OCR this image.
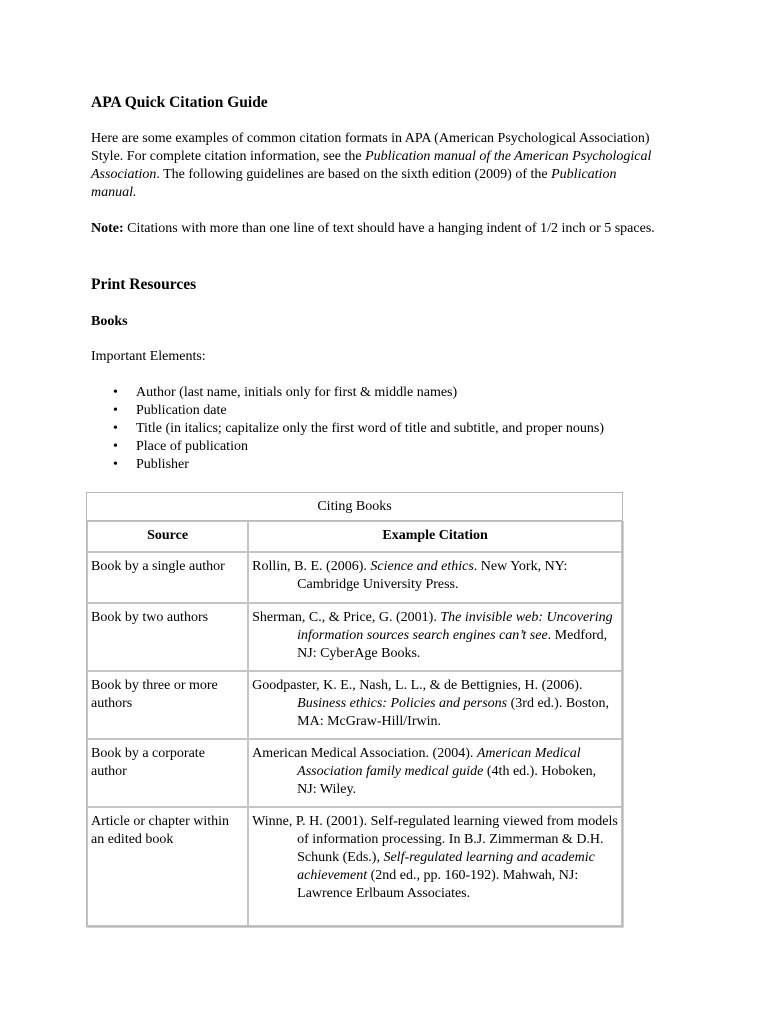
APA Quick Citation Guide

Here are some examples of common citation formats in APA (American Psychological Association) Style. For complete citation information, see the Publication manual of the American Psychological Association. The following guidelines are based on the sixth edition (2009) of the Publication manual.

Note: Citations with more than one line of text should have a hanging indent of 1/2 inch or 5 spaces.

Print Resources
Books

Important Elements:

• Author (last name, initials only for first & middle names)
• Publication date
• Title (in italics; capitalize only the first word of title and subtitle, and proper nouns)
• Place of publication
• Publisher
Citing Books
Source	Example Citation
Book by a single author	Rollin, B. E. (2006). Science and ethics. New York, NY: Cambridge University Press.

Book by two authors	Sherman, C., & Price, G. (2001). The invisible web: Uncovering information sources search engines can’t see. Medford, NJ: CyberAge Books.

Book by three or more authors	Goodpaster, K. E., Nash, L. L., & de Bettignies, H. (2006). Business ethics: Policies and persons (3rd ed.). Boston, MA: McGraw-Hill/Irwin.

Book by a corporate author	American Medical Association. (2004). American Medical Association family medical guide (4th ed.). Hoboken, NJ: Wiley.

Article or chapter within an edited book	Winne, P. H. (2001). Self-regulated learning viewed from models of information processing. In B.J. Zimmerman & D.H. Schunk (Eds.), Self-regulated learning and academic achievement (2nd ed., pp. 160-192). Mahwah, NJ: Lawrence Erlbaum Associates.
